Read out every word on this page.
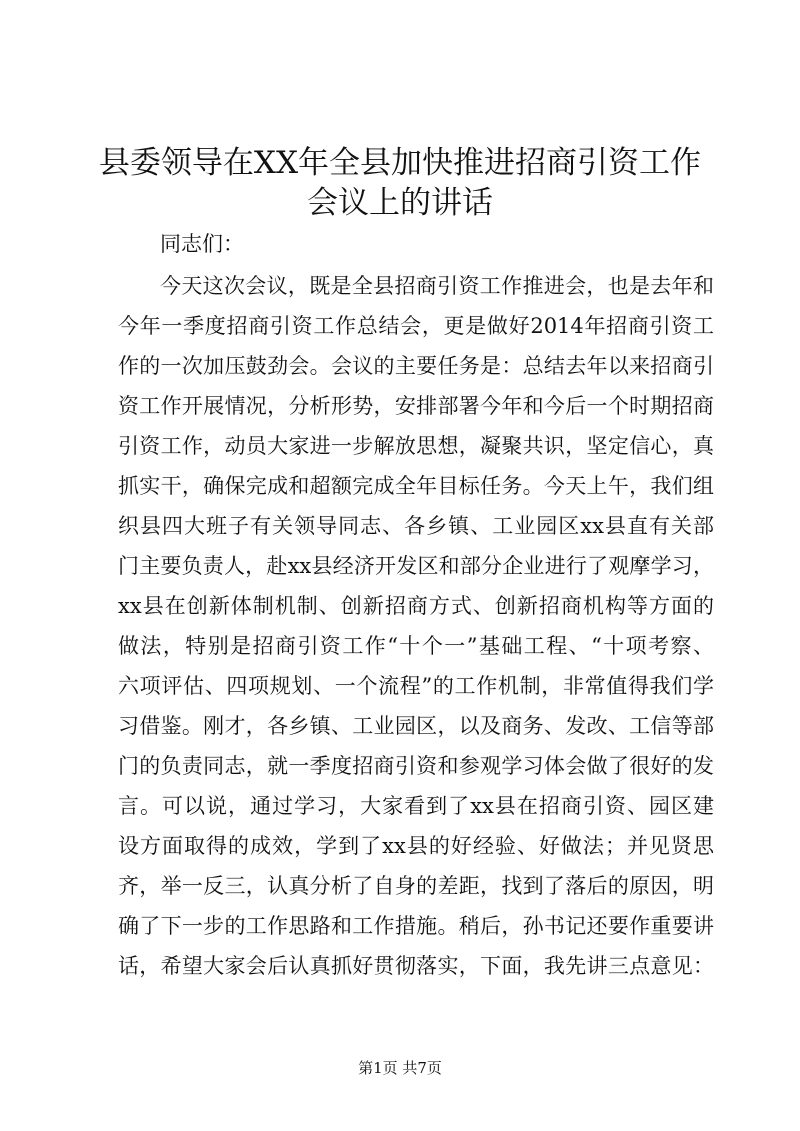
县委领导在XX年全县加快推进招商引资工作
会议上的讲话

同志们：

今天这次会议，既是全县招商引资工作推进会，也是去年和

今年一季度招商引资工作总结会，更是做好2014年招商引资工

作的一次加压鼓劲会。会议的主要任务是：总结去年以来招商引

资工作开展情况，分析形势，安排部署今年和今后一个时期招商

引资工作，动员大家进一步解放思想，凝聚共识，坚定信心，真

抓实干，确保完成和超额完成全年目标任务。今天上午，我们组

织县四大班子有关领导同志、各乡镇、工业园区xx县直有关部

门主要负责人，赴xx县经济开发区和部分企业进行了观摩学习，

xx县在创新体制机制、创新招商方式、创新招商机构等方面的

做法，特别是招商引资工作“十个一”基础工程、“十项考察、

六项评估、四项规划、一个流程”的工作机制，非常值得我们学

习借鉴。刚才，各乡镇、工业园区，以及商务、发改、工信等部

门的负责同志，就一季度招商引资和参观学习体会做了很好的发

言。可以说，通过学习，大家看到了xx县在招商引资、园区建

设方面取得的成效，学到了xx县的好经验、好做法；并见贤思

齐，举一反三，认真分析了自身的差距，找到了落后的原因，明

确了下一步的工作思路和工作措施。稍后，孙书记还要作重要讲

话，希望大家会后认真抓好贯彻落实，下面，我先讲三点意见：

第1页 共7页
